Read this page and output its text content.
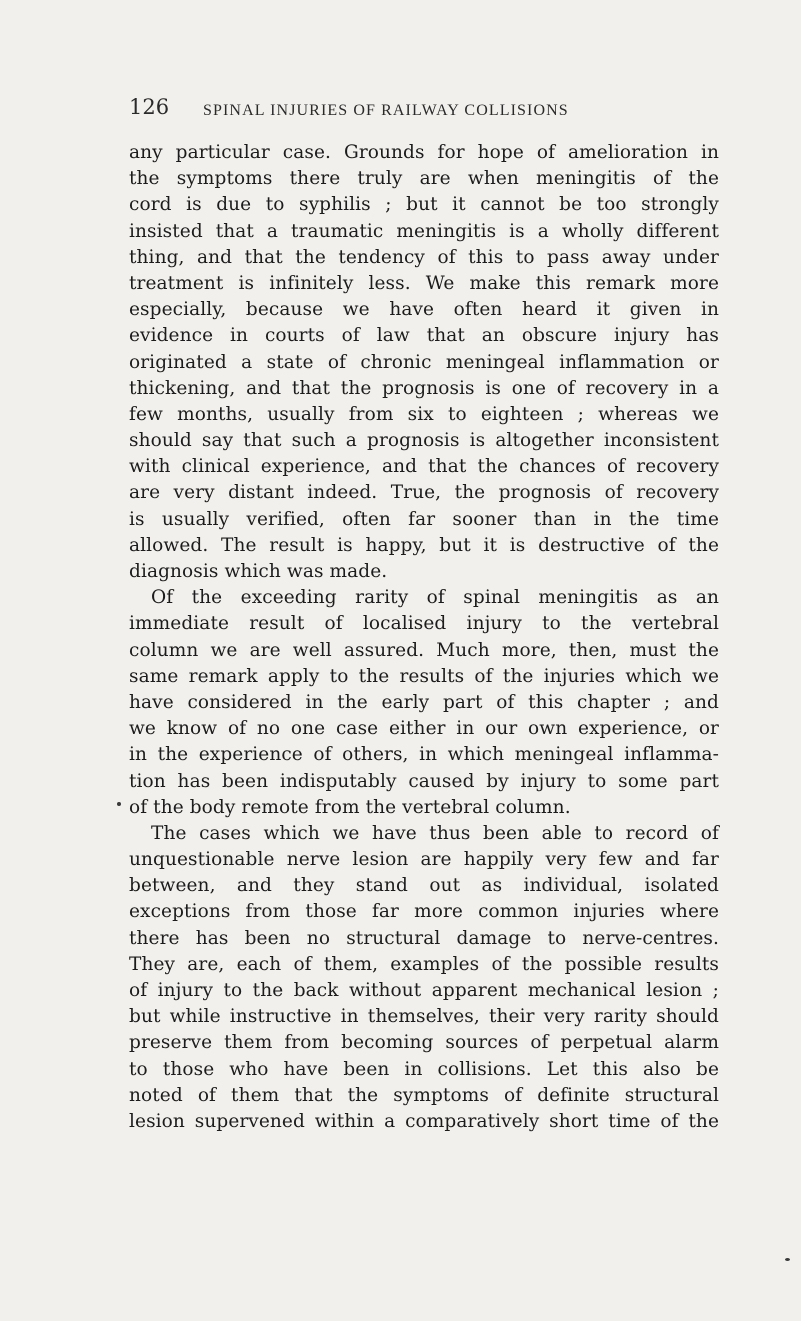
126 SPINAL INJURIES OF RAILWAY COLLISIONS
any particular case. Grounds for hope of amelioration in
the symptoms there truly are when meningitis of the
cord is due to syphilis ; but it cannot be too strongly
insisted that a traumatic meningitis is a wholly different
thing, and that the tendency of this to pass away under
treatment is infinitely less. We make this remark more
especially, because we have often heard it given in
evidence in courts of law that an obscure injury has
originated a state of chronic meningeal inflammation or
thickening, and that the prognosis is one of recovery in a
few months, usually from six to eighteen ; whereas we
should say that such a prognosis is altogether inconsistent
with clinical experience, and that the chances of recovery
are very distant indeed. True, the prognosis of recovery
is usually verified, often far sooner than in the time
allowed. The result is happy, but it is destructive of the
diagnosis which was made.
Of the exceeding rarity of spinal meningitis as an
immediate result of localised injury to the vertebral
column we are well assured. Much more, then, must the
same remark apply to the results of the injuries which we
have considered in the early part of this chapter ; and
we know of no one case either in our own experience, or
in the experience of others, in which meningeal inflamma-
tion has been indisputably caused by injury to some part
of the body remote from the vertebral column.
The cases which we have thus been able to record of
unquestionable nerve lesion are happily very few and far
between, and they stand out as individual, isolated
exceptions from those far more common injuries where
there has been no structural damage to nerve-centres.
They are, each of them, examples of the possible results
of injury to the back without apparent mechanical lesion ;
but while instructive in themselves, their very rarity should
preserve them from becoming sources of perpetual alarm
to those who have been in collisions. Let this also be
noted of them that the symptoms of definite structural
lesion supervened within a comparatively short time of the
